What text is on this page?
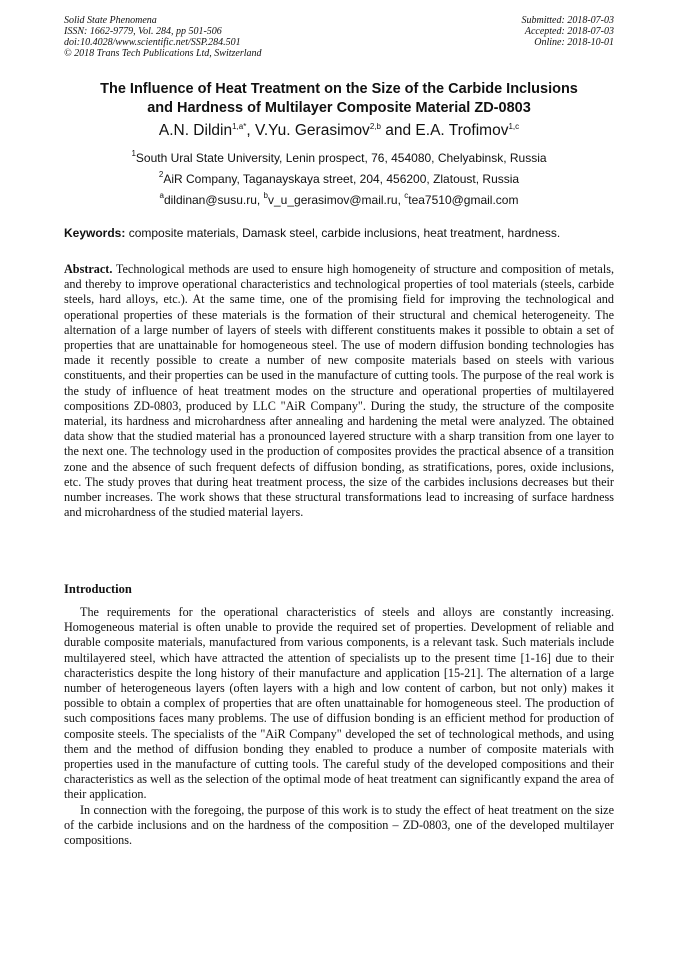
Solid State Phenomena
ISSN: 1662-9779, Vol. 284, pp 501-506
doi:10.4028/www.scientific.net/SSP.284.501
© 2018 Trans Tech Publications Ltd, Switzerland
Submitted: 2018-07-03
Accepted: 2018-07-03
Online: 2018-10-01
The Influence of Heat Treatment on the Size of the Carbide Inclusions
and Hardness of Multilayer Composite Material ZD-0803
A.N. Dildin$^{1,a*}$, V.Yu. Gerasimov$^{2,b}$ and E.A. Trofimov$^{1,c}$
$^1$South Ural State University, Lenin prospect, 76, 454080, Chelyabinsk, Russia
$^2$AiR Company, Taganayskaya street, 204, 456200, Zlatoust, Russia
$^a$dildinan@susu.ru, $^b$v_u_gerasimov@mail.ru, $^c$tea7510@gmail.com
Keywords: composite materials, Damask steel, carbide inclusions, heat treatment, hardness.
Abstract. Technological methods are used to ensure high homogeneity of structure and composition of metals, and thereby to improve operational characteristics and technological properties of tool materials (steels, carbide steels, hard alloys, etc.). At the same time, one of the promising field for improving the technological and operational properties of these materials is the formation of their structural and chemical heterogeneity. The alternation of a large number of layers of steels with different constituents makes it possible to obtain a set of properties that are unattainable for homogeneous steel. The use of modern diffusion bonding technologies has made it recently possible to create a number of new composite materials based on steels with various constituents, and their properties can be used in the manufacture of cutting tools. The purpose of the real work is the study of influence of heat treatment modes on the structure and operational properties of multilayered compositions ZD-0803, produced by LLC "AiR Company". During the study, the structure of the composite material, its hardness and microhardness after annealing and hardening the metal were analyzed. The obtained data show that the studied material has a pronounced layered structure with a sharp transition from one layer to the next one. The technology used in the production of composites provides the practical absence of a transition zone and the absence of such frequent defects of diffusion bonding, as stratifications, pores, oxide inclusions, etc. The study proves that during heat treatment process, the size of the carbides inclusions decreases but their number increases. The work shows that these structural transformations lead to increasing of surface hardness and microhardness of the studied material layers.
Introduction

The requirements for the operational characteristics of steels and alloys are constantly increasing. Homogeneous material is often unable to provide the required set of properties. Development of reliable and durable composite materials, manufactured from various components, is a relevant task. Such materials include multilayered steel, which have attracted the attention of specialists up to the present time [1-16] due to their characteristics despite the long history of their manufacture and application [15-21]. The alternation of a large number of heterogeneous layers (often layers with a high and low content of carbon, but not only) makes it possible to obtain a complex of properties that are often unattainable for homogeneous steel. The production of such compositions faces many problems. The use of diffusion bonding is an efficient method for production of composite steels. The specialists of the "AiR Company" developed the set of technological methods, and using them and the method of diffusion bonding they enabled to produce a number of composite materials with properties used in the manufacture of cutting tools. The careful study of the developed compositions and their characteristics as well as the selection of the optimal mode of heat treatment can significantly expand the area of their application.

In connection with the foregoing, the purpose of this work is to study the effect of heat treatment on the size of the carbide inclusions and on the hardness of the composition – ZD-0803, one of the developed multilayer compositions.
